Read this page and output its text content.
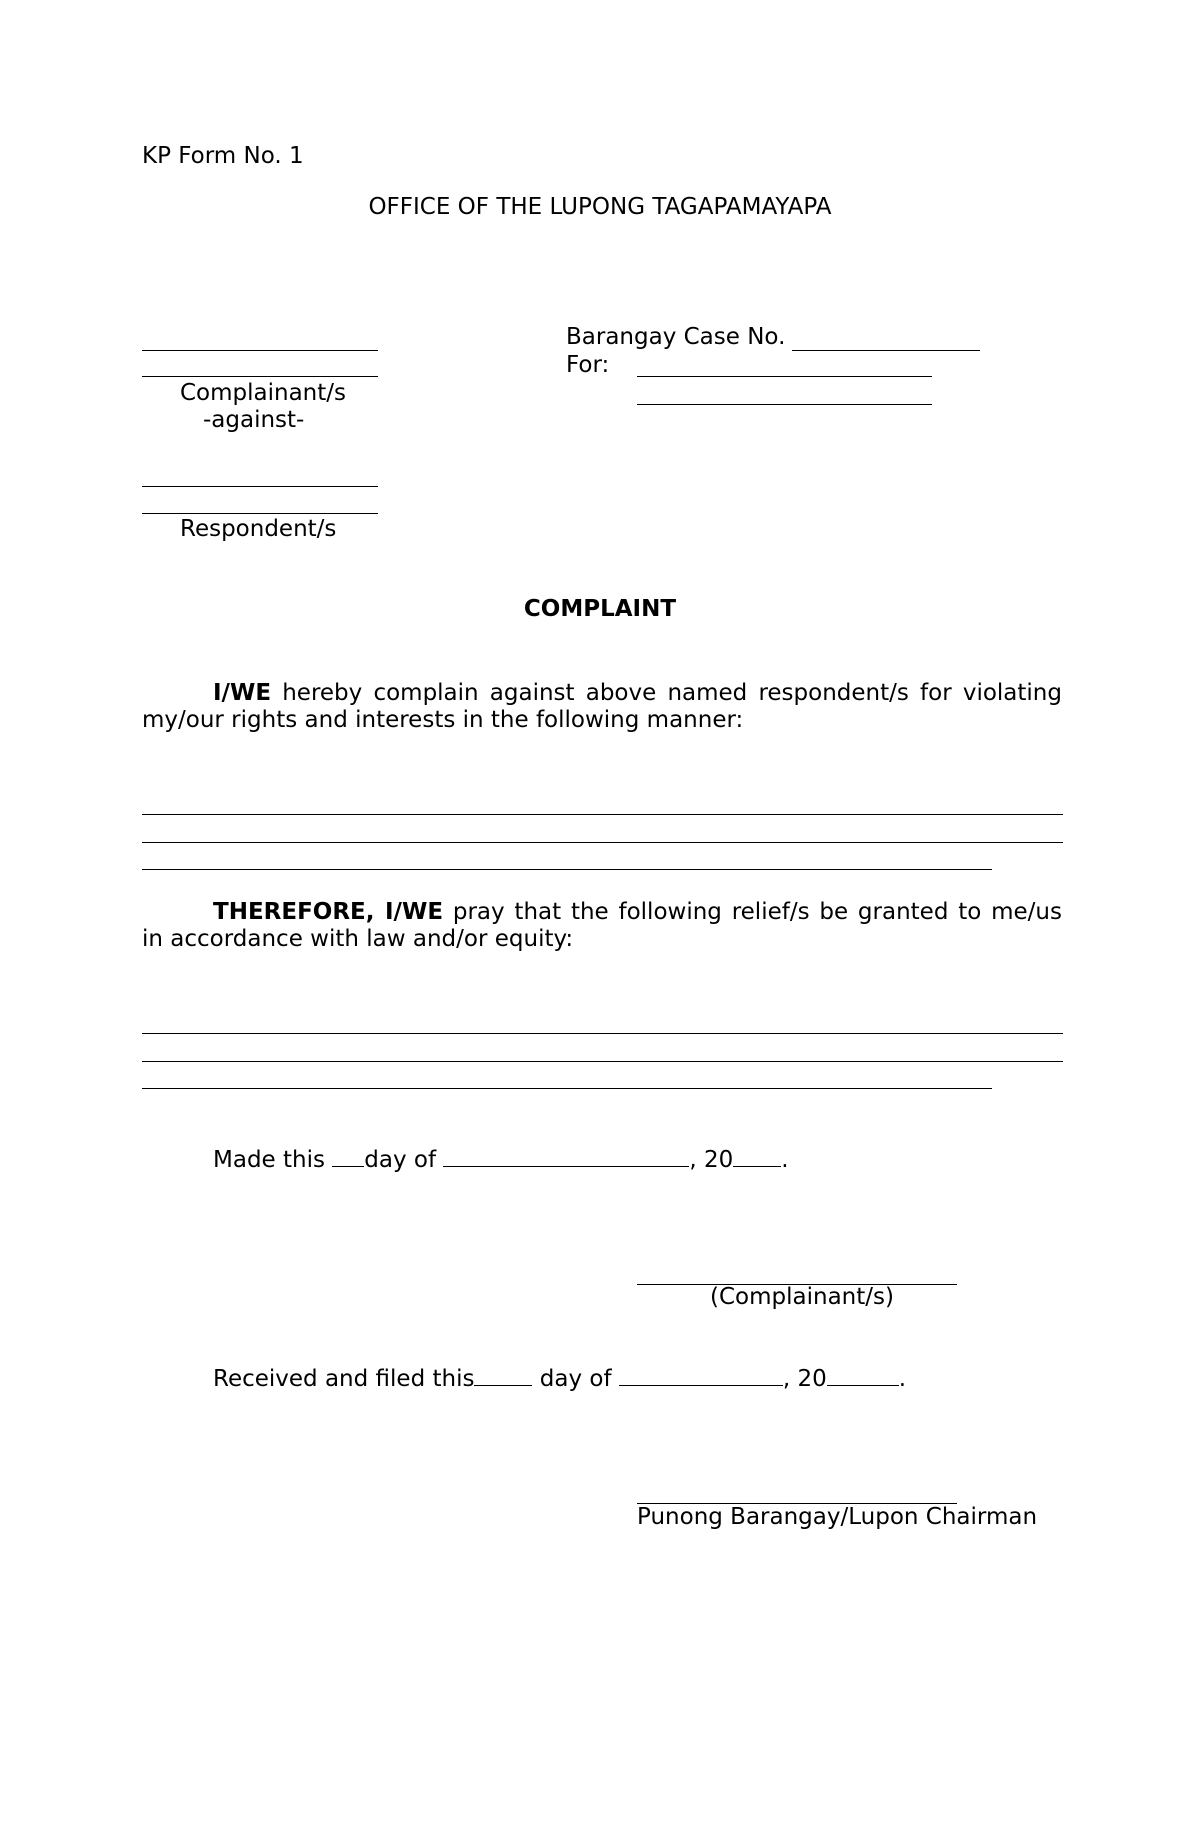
KP Form No. 1
OFFICE OF THE LUPONG TAGAPAMAYAPA
Complainant/s
-against-
Respondent/s
Barangay Case No.
For:
COMPLAINT
I/WE hereby complain against above named respondent/s for violating my/our rights and interests in the following manner:
THEREFORE, I/WE pray that the following relief/s be granted to me/us in accordance with law and/or equity:
Made this day of	, 20 .
(Complainant/s)
Received and filed this	day of	, 20	.
Punong Barangay/Lupon Chairman
